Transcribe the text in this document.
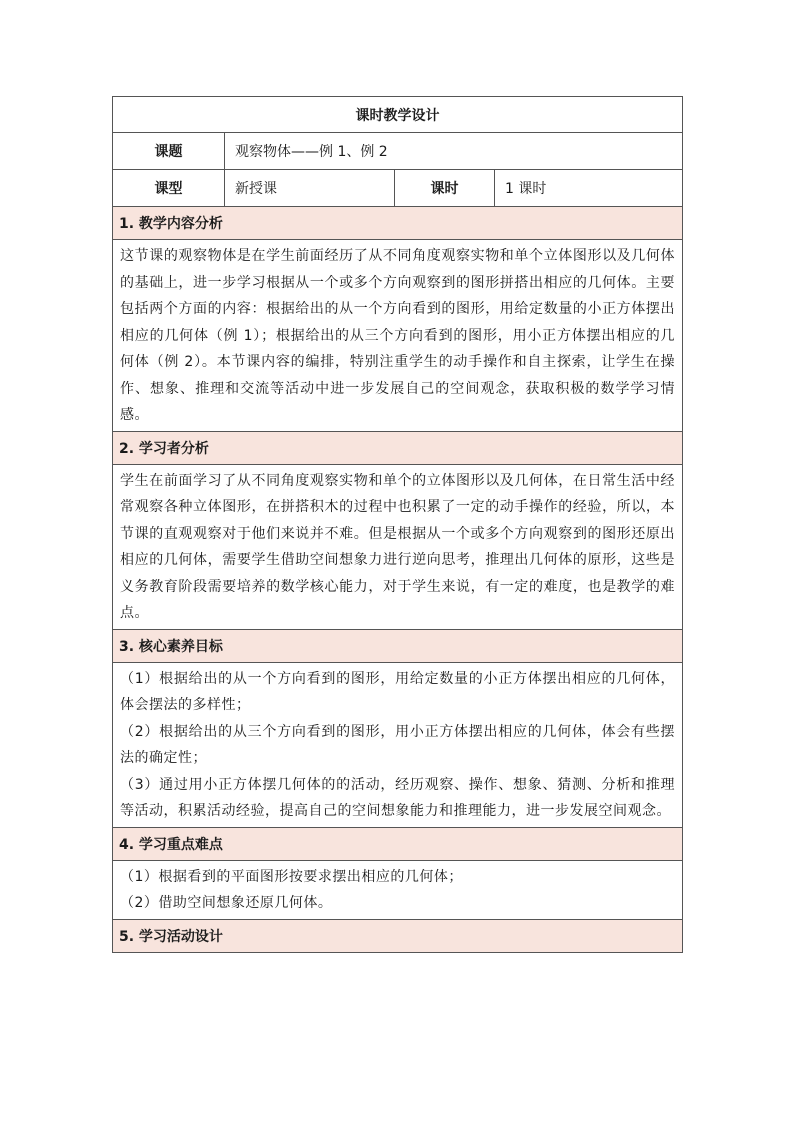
课时教学设计			
课题	观察物体——例 1、例 2		
课型	新授课	课时	1 课时
1. 教学内容分析			

这节课的观察物体是在学生前面经历了从不同角度观察实物和单个立体图形以及几何体的基础上，进一步学习根据从一个或多个方向观察到的图形拼搭出相应的几何体。主要包括两个方面的内容：根据给出的从一个方向看到的图形，用给定数量的小正方体摆出相应的几何体（例 1）；根据给出的从三个方向看到的图形，用小正方体摆出相应的几何体（例 2）。本节课内容的编排，特别注重学生的动手操作和自主探索，让学生在操作、想象、推理和交流等活动中进一步发展自己的空间观念，获取积极的数学学习情感。			

2. 学习者分析			

学生在前面学习了从不同角度观察实物和单个的立体图形以及几何体，在日常生活中经常观察各种立体图形，在拼搭积木的过程中也积累了一定的动手操作的经验，所以，本节课的直观观察对于他们来说并不难。但是根据从一个或多个方向观察到的图形还原出相应的几何体，需要学生借助空间想象力进行逆向思考，推理出几何体的原形，这些是义务教育阶段需要培养的数学核心能力，对于学生来说，有一定的难度，也是教学的难点。			

3. 核心素养目标			

（1）根据给出的从一个方向看到的图形，用给定数量的小正方体摆出相应的几何体，体会摆法的多样性；

（2）根据给出的从三个方向看到的图形，用小正方体摆出相应的几何体，体会有些摆法的确定性；

（3）通过用小正方体摆几何体的的活动，经历观察、操作、想象、猜测、分析和推理等活动，积累活动经验，提高自己的空间想象能力和推理能力，进一步发展空间观念。			

4. 学习重点难点			

（1）根据看到的平面图形按要求摆出相应的几何体；

（2）借助空间想象还原几何体。			

5. 学习活动设计			
